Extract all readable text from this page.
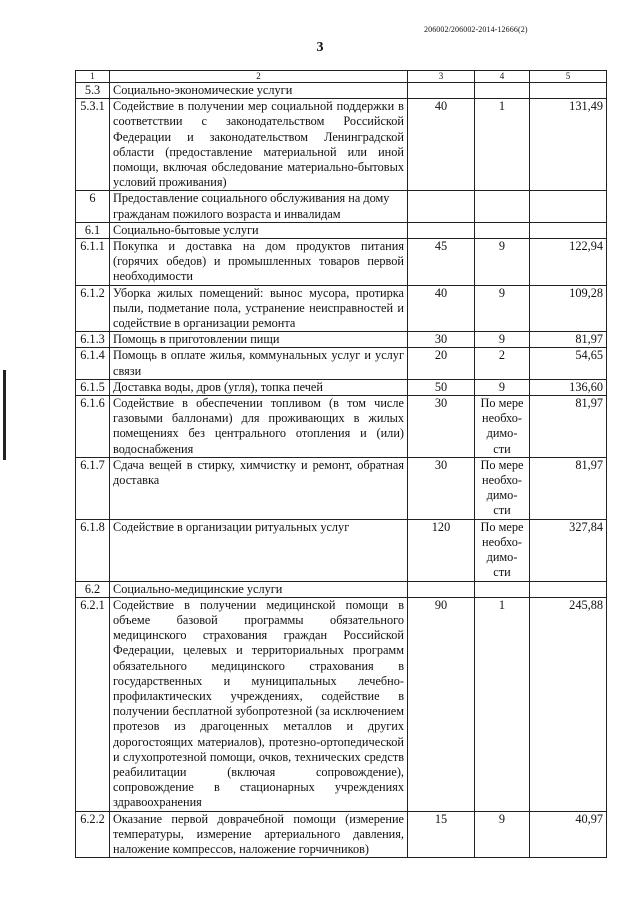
206002/206002-2014-12666(2)
3
1	2	3	4	5
5.3	Социально-экономические услуги			
5.3.1	Содействие в получении мер социальной поддержки в соответствии с законодательством Российской Федерации и законодательством Ленинградской области (предоставление материальной или иной помощи, включая обследование материально-бытовых условий проживания)	40	1	131,49
6	Предоставление социального обслуживания на дому гражданам пожилого возраста и инвалидам			
6.1	Социально-бытовые услуги			
6.1.1	Покупка и доставка на дом продуктов питания (горячих обедов) и промышленных товаров первой необходимости	45	9	122,94
6.1.2	Уборка жилых помещений: вынос мусора, протирка пыли, подметание пола, устранение неисправностей и содействие в организации ремонта	40	9	109,28
6.1.3	Помощь в приготовлении пищи	30	9	81,97
6.1.4	Помощь в оплате жилья, коммунальных услуг и услуг связи	20	2	54,65
6.1.5	Доставка воды, дров (угля), топка печей	50	9	136,60
6.1.6	Содействие в обеспечении топливом (в том числе газовыми баллонами) для проживающих в жилых помещениях без центрального отопления и (или) водоснабжения	30	По мере необхо-димо-сти	81,97
6.1.7	Сдача вещей в стирку, химчистку и ремонт, обратная доставка	30	По мере необхо-димо-сти	81,97
6.1.8	Содействие в организации ритуальных услуг	120	По мере необхо-димо-сти	327,84
6.2	Социально-медицинские услуги			
6.2.1	Содействие в получении медицинской помощи в объеме базовой программы обязательного медицинского страхования граждан Российской Федерации, целевых и территориальных программ обязательного медицинского страхования в государственных и муниципальных лечебно-профилактических учреждениях, содействие в получении бесплатной зубопротезной (за исключением протезов из драгоценных металлов и других дорогостоящих материалов), протезно-ортопедической и слухопротезной помощи, очков, технических средств реабилитации (включая сопровождение), сопровождение в стационарных учреждениях здравоохранения	90	1	245,88
6.2.2	Оказание первой доврачебной помощи (измерение температуры, измерение артериального давления, наложение компрессов, наложение горчичников)	15	9	40,97
